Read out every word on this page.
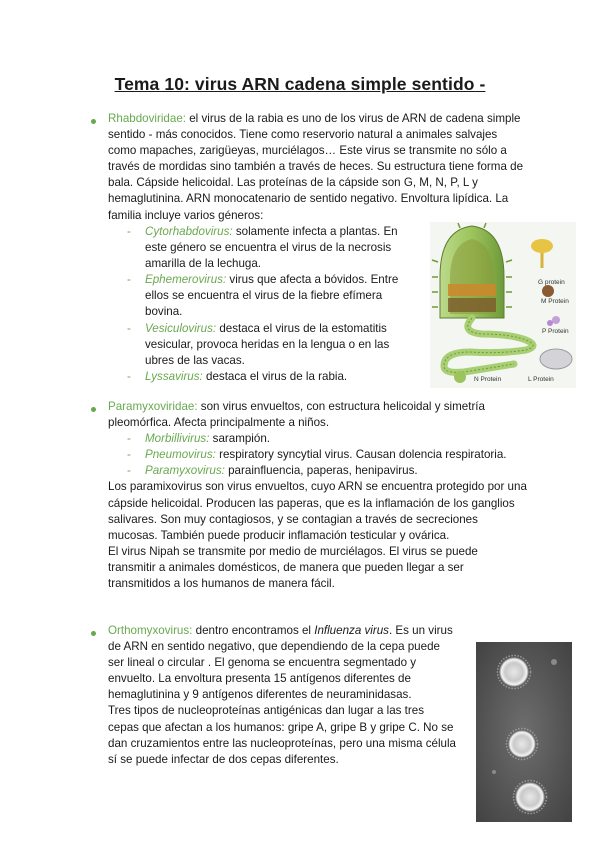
Tema 10: virus ARN cadena simple sentido -

Rhabdoviridae: el virus de la rabia es uno de los virus de ARN de cadena simple sentido - más conocidos. Tiene como reservorio natural a animales salvajes como mapaches, zarigüeyas, murciélagos… Este virus se transmite no sólo a través de mordidas sino también a través de heces. Su estructura tiene forma de bala. Cápside helicoidal. Las proteínas de la cápside son G, M, N, P, L y hemaglutinina. ARN monocatenario de sentido negativo. Envoltura lipídica. La familia incluye varios géneros:

- Cytorhabdovirus: solamente infecta a plantas. En este género se encuentra el virus de la necrosis amarilla de la lechuga.

- Ephemerovirus: virus que afecta a bóvidos. Entre ellos se encuentra el virus de la fiebre efímera bovina.

- Vesiculovirus: destaca el virus de la estomatitis vesicular, provoca heridas en la lengua o en las ubres de las vacas.

- Lyssavirus: destaca el virus de la rabia.

G protein
M Protein
P Protein
N Protein	L Protein

Paramyxoviridae: son virus envueltos, con estructura helicoidal y simetría pleomórfica. Afecta principalmente a niños.

- Morbillivirus: sarampión.

- Pneumovirus: respiratory syncytial virus. Causan dolencia respiratoria.

- Paramyxovirus: parainfluencia, paperas, henipavirus.

Los paramixovirus son virus envueltos, cuyo ARN se encuentra protegido por una cápside helicoidal. Producen las paperas, que es la inflamación de los ganglios salivares. Son muy contagiosos, y se contagian a través de secreciones mucosas. También puede producir inflamación testicular y ovárica.

El virus Nipah se transmite por medio de murciélagos. El virus se puede transmitir a animales domésticos, de manera que pueden llegar a ser transmitidos a los humanos de manera fácil.

Orthomyxovirus: dentro encontramos el Influenza virus. Es un virus de ARN en sentido negativo, que dependiendo de la cepa puede ser lineal o circular . El genoma se encuentra segmentado y envuelto. La envoltura presenta 15 antígenos diferentes de hemaglutinina y 9 antígenos diferentes de neuraminidasas.

Tres tipos de nucleoproteínas antigénicas dan lugar a las tres cepas que afectan a los humanos: gripe A, gripe B y gripe C. No se dan cruzamientos entre las nucleoproteínas, pero una misma célula sí se puede infectar de dos cepas diferentes.
